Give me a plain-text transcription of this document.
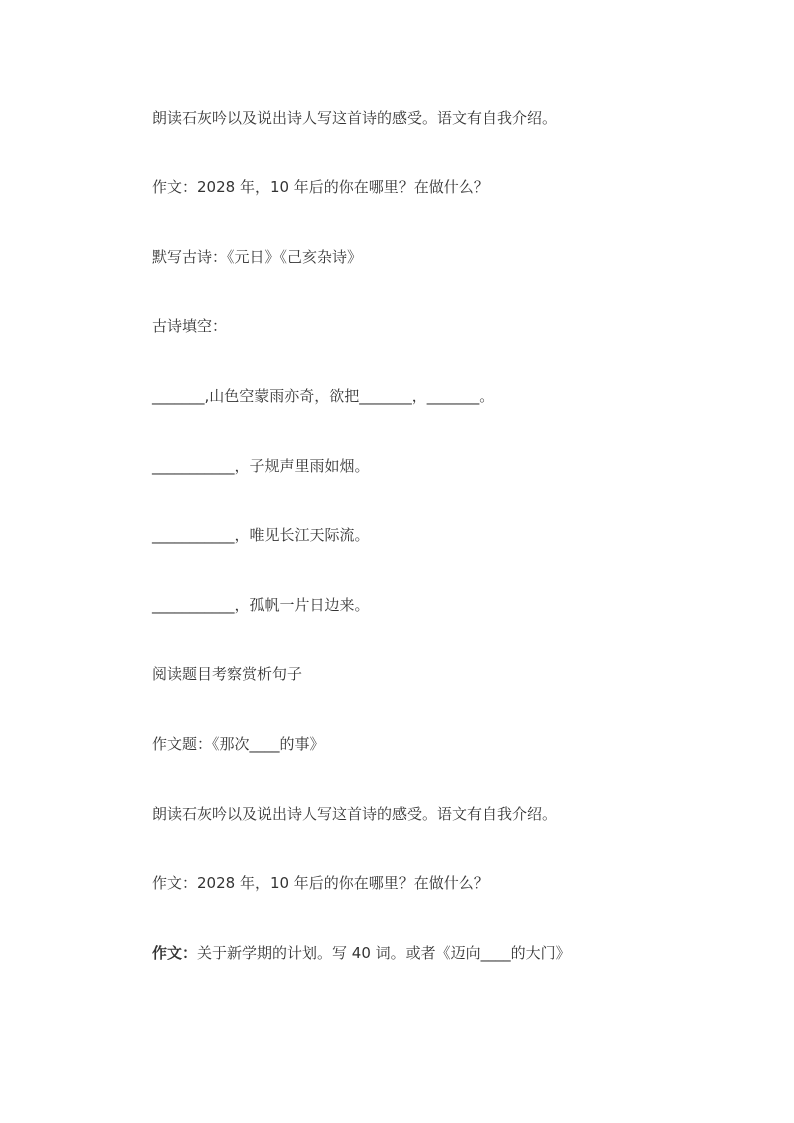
朗读石灰吟以及说出诗人写这首诗的感受。语文有自我介绍。
作文：2028 年，10 年后的你在哪里？在做什么？
默写古诗：《元日》《己亥杂诗》
古诗填空：
_______,山色空蒙雨亦奇，欲把_______，_______。
___________，子规声里雨如烟。
___________，唯见长江天际流。
___________，孤帆一片日边来。
阅读题目考察赏析句子
作文题：《那次____的事》
朗读石灰吟以及说出诗人写这首诗的感受。语文有自我介绍。
作文：2028 年，10 年后的你在哪里？在做什么？
作文：关于新学期的计划。写 40 词。或者《迈向____的大门》
